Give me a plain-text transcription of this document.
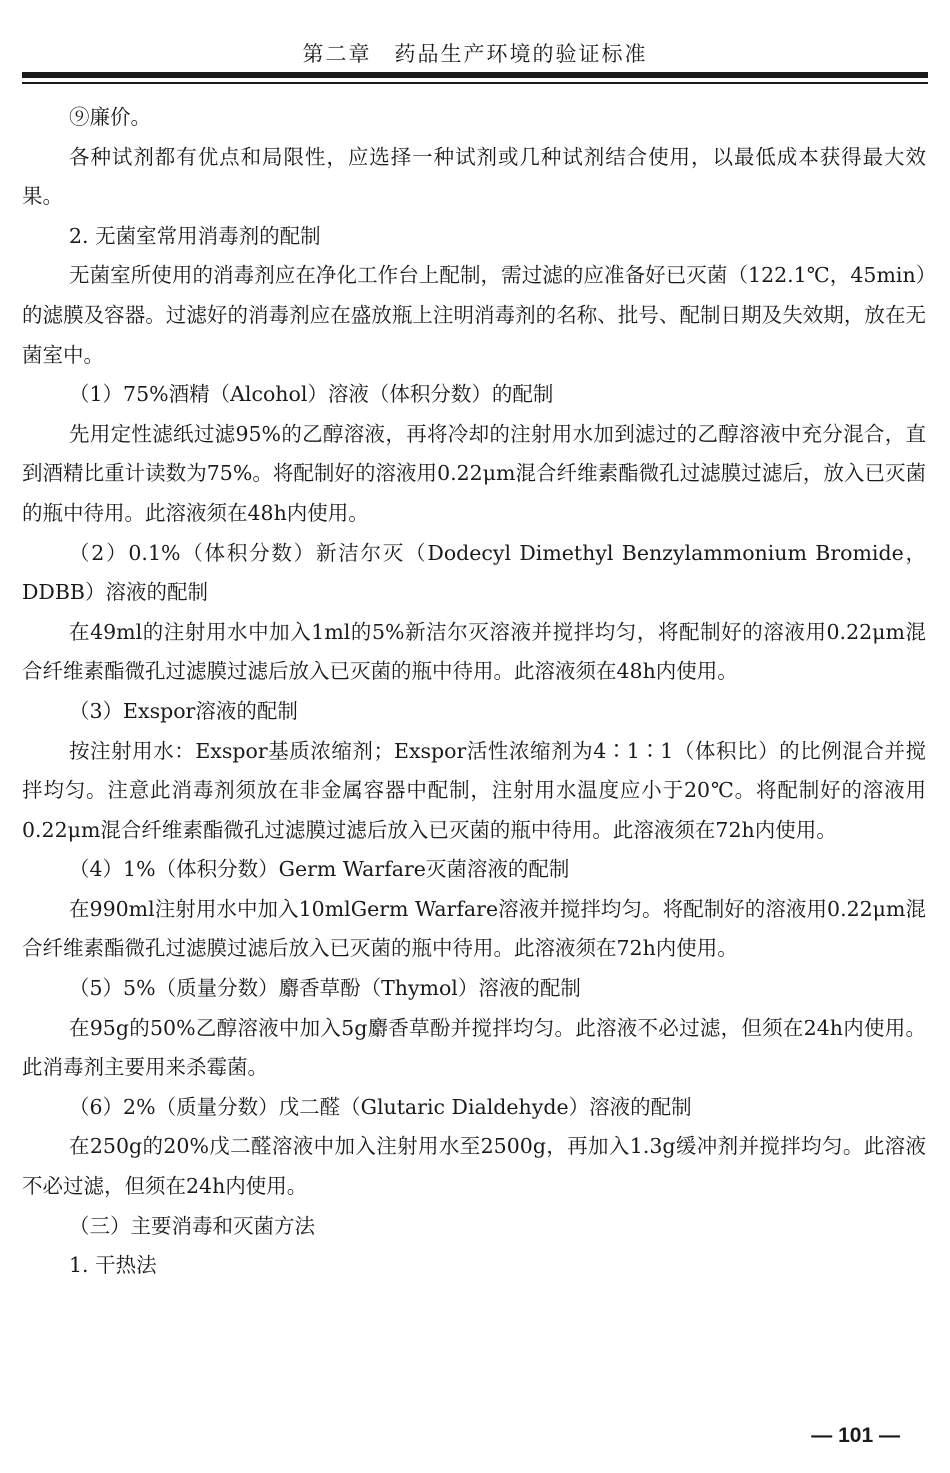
第二章　药品生产环境的验证标准

⑨廉价。

各种试剂都有优点和局限性，应选择一种试剂或几种试剂结合使用，以最低成本获得最大效果。

2. 无菌室常用消毒剂的配制

无菌室所使用的消毒剂应在净化工作台上配制，需过滤的应准备好已灭菌（122.1℃，45min）的滤膜及容器。过滤好的消毒剂应在盛放瓶上注明消毒剂的名称、批号、配制日期及失效期，放在无菌室中。

（1）75%酒精（Alcohol）溶液（体积分数）的配制

先用定性滤纸过滤95%的乙醇溶液，再将冷却的注射用水加到滤过的乙醇溶液中充分混合，直到酒精比重计读数为75%。将配制好的溶液用0.22μm混合纤维素酯微孔过滤膜过滤后，放入已灭菌的瓶中待用。此溶液须在48h内使用。

（2）0.1%（体积分数）新洁尔灭（Dodecyl Dimethyl Benzylammonium Bromide，DDBB）溶液的配制

在49ml的注射用水中加入1ml的5%新洁尔灭溶液并搅拌均匀，将配制好的溶液用0.22μm混合纤维素酯微孔过滤膜过滤后放入已灭菌的瓶中待用。此溶液须在48h内使用。

（3）Exspor溶液的配制

按注射用水：Exspor基质浓缩剂；Exspor活性浓缩剂为4∶1∶1（体积比）的比例混合并搅拌均匀。注意此消毒剂须放在非金属容器中配制，注射用水温度应小于20℃。将配制好的溶液用0.22μm混合纤维素酯微孔过滤膜过滤后放入已灭菌的瓶中待用。此溶液须在72h内使用。

（4）1%（体积分数）Germ Warfare灭菌溶液的配制

在990ml注射用水中加入10mlGerm Warfare溶液并搅拌均匀。将配制好的溶液用0.22μm混合纤维素酯微孔过滤膜过滤后放入已灭菌的瓶中待用。此溶液须在72h内使用。

（5）5%（质量分数）麝香草酚（Thymol）溶液的配制

在95g的50%乙醇溶液中加入5g麝香草酚并搅拌均匀。此溶液不必过滤，但须在24h内使用。此消毒剂主要用来杀霉菌。

（6）2%（质量分数）戊二醛（Glutaric Dialdehyde）溶液的配制

在250g的20%戊二醛溶液中加入注射用水至2500g，再加入1.3g缓冲剂并搅拌均匀。此溶液不必过滤，但须在24h内使用。

（三）主要消毒和灭菌方法

1. 干热法

— 101 —
